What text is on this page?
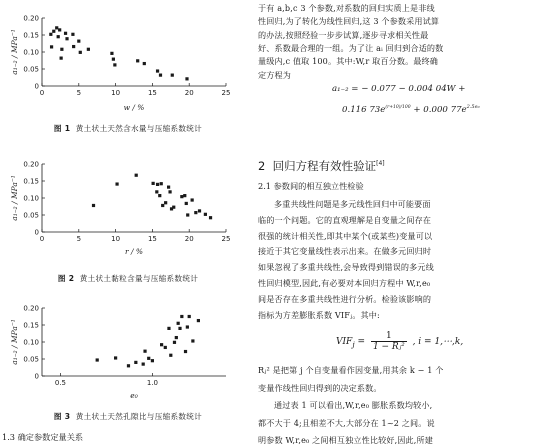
0
0.05
0.10
0.15
0.20
0	5	10	15	20	25
w / %
a₁₋₂ / MPa⁻¹
图 1 黄土状土天然含水量与压缩系数统计
0
0.05
0.10
0.15
0.20
0	5	10	15	20	25
r / %
a₁₋₂ / MPa⁻¹
图 2 黄土状土黏粒含量与压缩系数统计
0
0.05
0.10
0.15
0.20
0.5	1.0
e₀
a₁₋₂ / MPa⁻¹
图 3 黄土状土天然孔隙比与压缩系数统计
1.3 确定参数定量关系
于有 a,b,c 3 个参数,对系数的回归实质上是非线
性回归,为了转化为线性回归,这 3 个参数采用试算
的办法,按照经验一步步试算,逐步寻求相关性最
好、系数最合理的一组。为了让 aᵢ 回归到合适的数
量级内,c 值取 100。其中:W,r 取百分数。最终确
定方程为
a₁₋₂ = − 0.077 − 0.004 04W +
0.116 $73e^{(r+10)/100} + 0.000$ $77e^{2.5e_0}$
2 回归方程有效性验证[4]
2.1 参数间的相互独立性检验
多重共线性问题是多元线性回归中可能要面
临的一个问题。它的直观理解是自变量之间存在
很强的统计相关性,即其中某个(或某些)变量可以
接近于其它变量线性表示出来。在做多元回归时
如果忽视了多重共线性,会导致得到错误的多元线
性回归模型,因此,有必要对本回归方程中 W,r,e₀
间是否存在多重共线性进行分析。检验该影响的
指标为方差膨胀系数 VIFⱼ。其中:
$VIF_j = \frac{1}{\text{1 − Rⱼ²}}$ , i = 1,⋯,k,
Rⱼ² 是把第 j 个自变量看作因变量,用其余 k − 1 个
变量作线性回归得到的决定系数。
通过表 1 可以看出,W,r,e₀ 膨胀系数均较小,
都不大于 4;且相差不大,大部分在 1~2 之间。说
明参数 W,r,e₀ 之间相互独立性比较好,因此,所建
